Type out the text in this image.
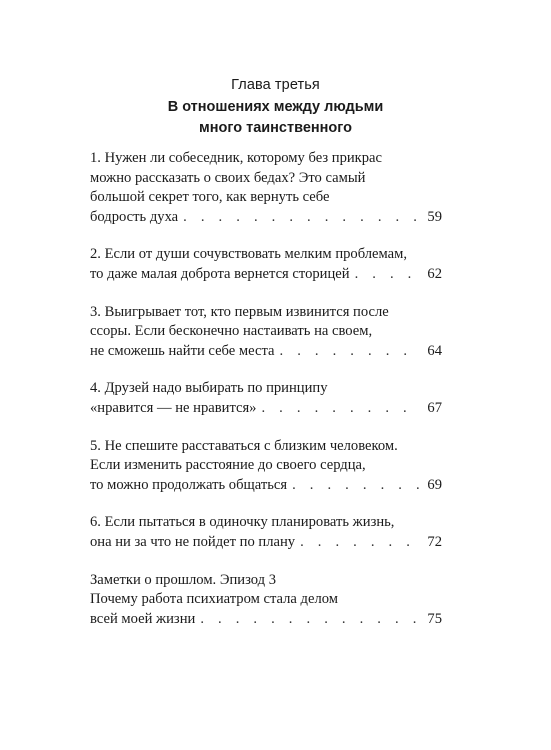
Глава третья
В отношениях между людьми
много таинственного
1. Нужен ли собеседник, которому без прикрас
можно рассказать о своих бедах? Это самый
большой секрет того, как вернуть себе
бодрость духа . . .	59
2. Если от души сочувствовать мелким проблемам,
то даже малая доброта вернется сторицей . . .	62
3. Выигрывает тот, кто первым извинится после
ссоры. Если бесконечно настаивать на своем,
не сможешь найти себе места . . .	64
4. Друзей надо выбирать по принципу
«нравится — не нравится» . . .	67
5. Не спешите расставаться с близким человеком.
Если изменить расстояние до своего сердца,
то можно продолжать общаться . . .	69
6. Если пытаться в одиночку планировать жизнь,
она ни за что не пойдет по плану . . .	72
Заметки о прошлом. Эпизод 3
Почему работа психиатром стала делом
всей моей жизни . . .	75
